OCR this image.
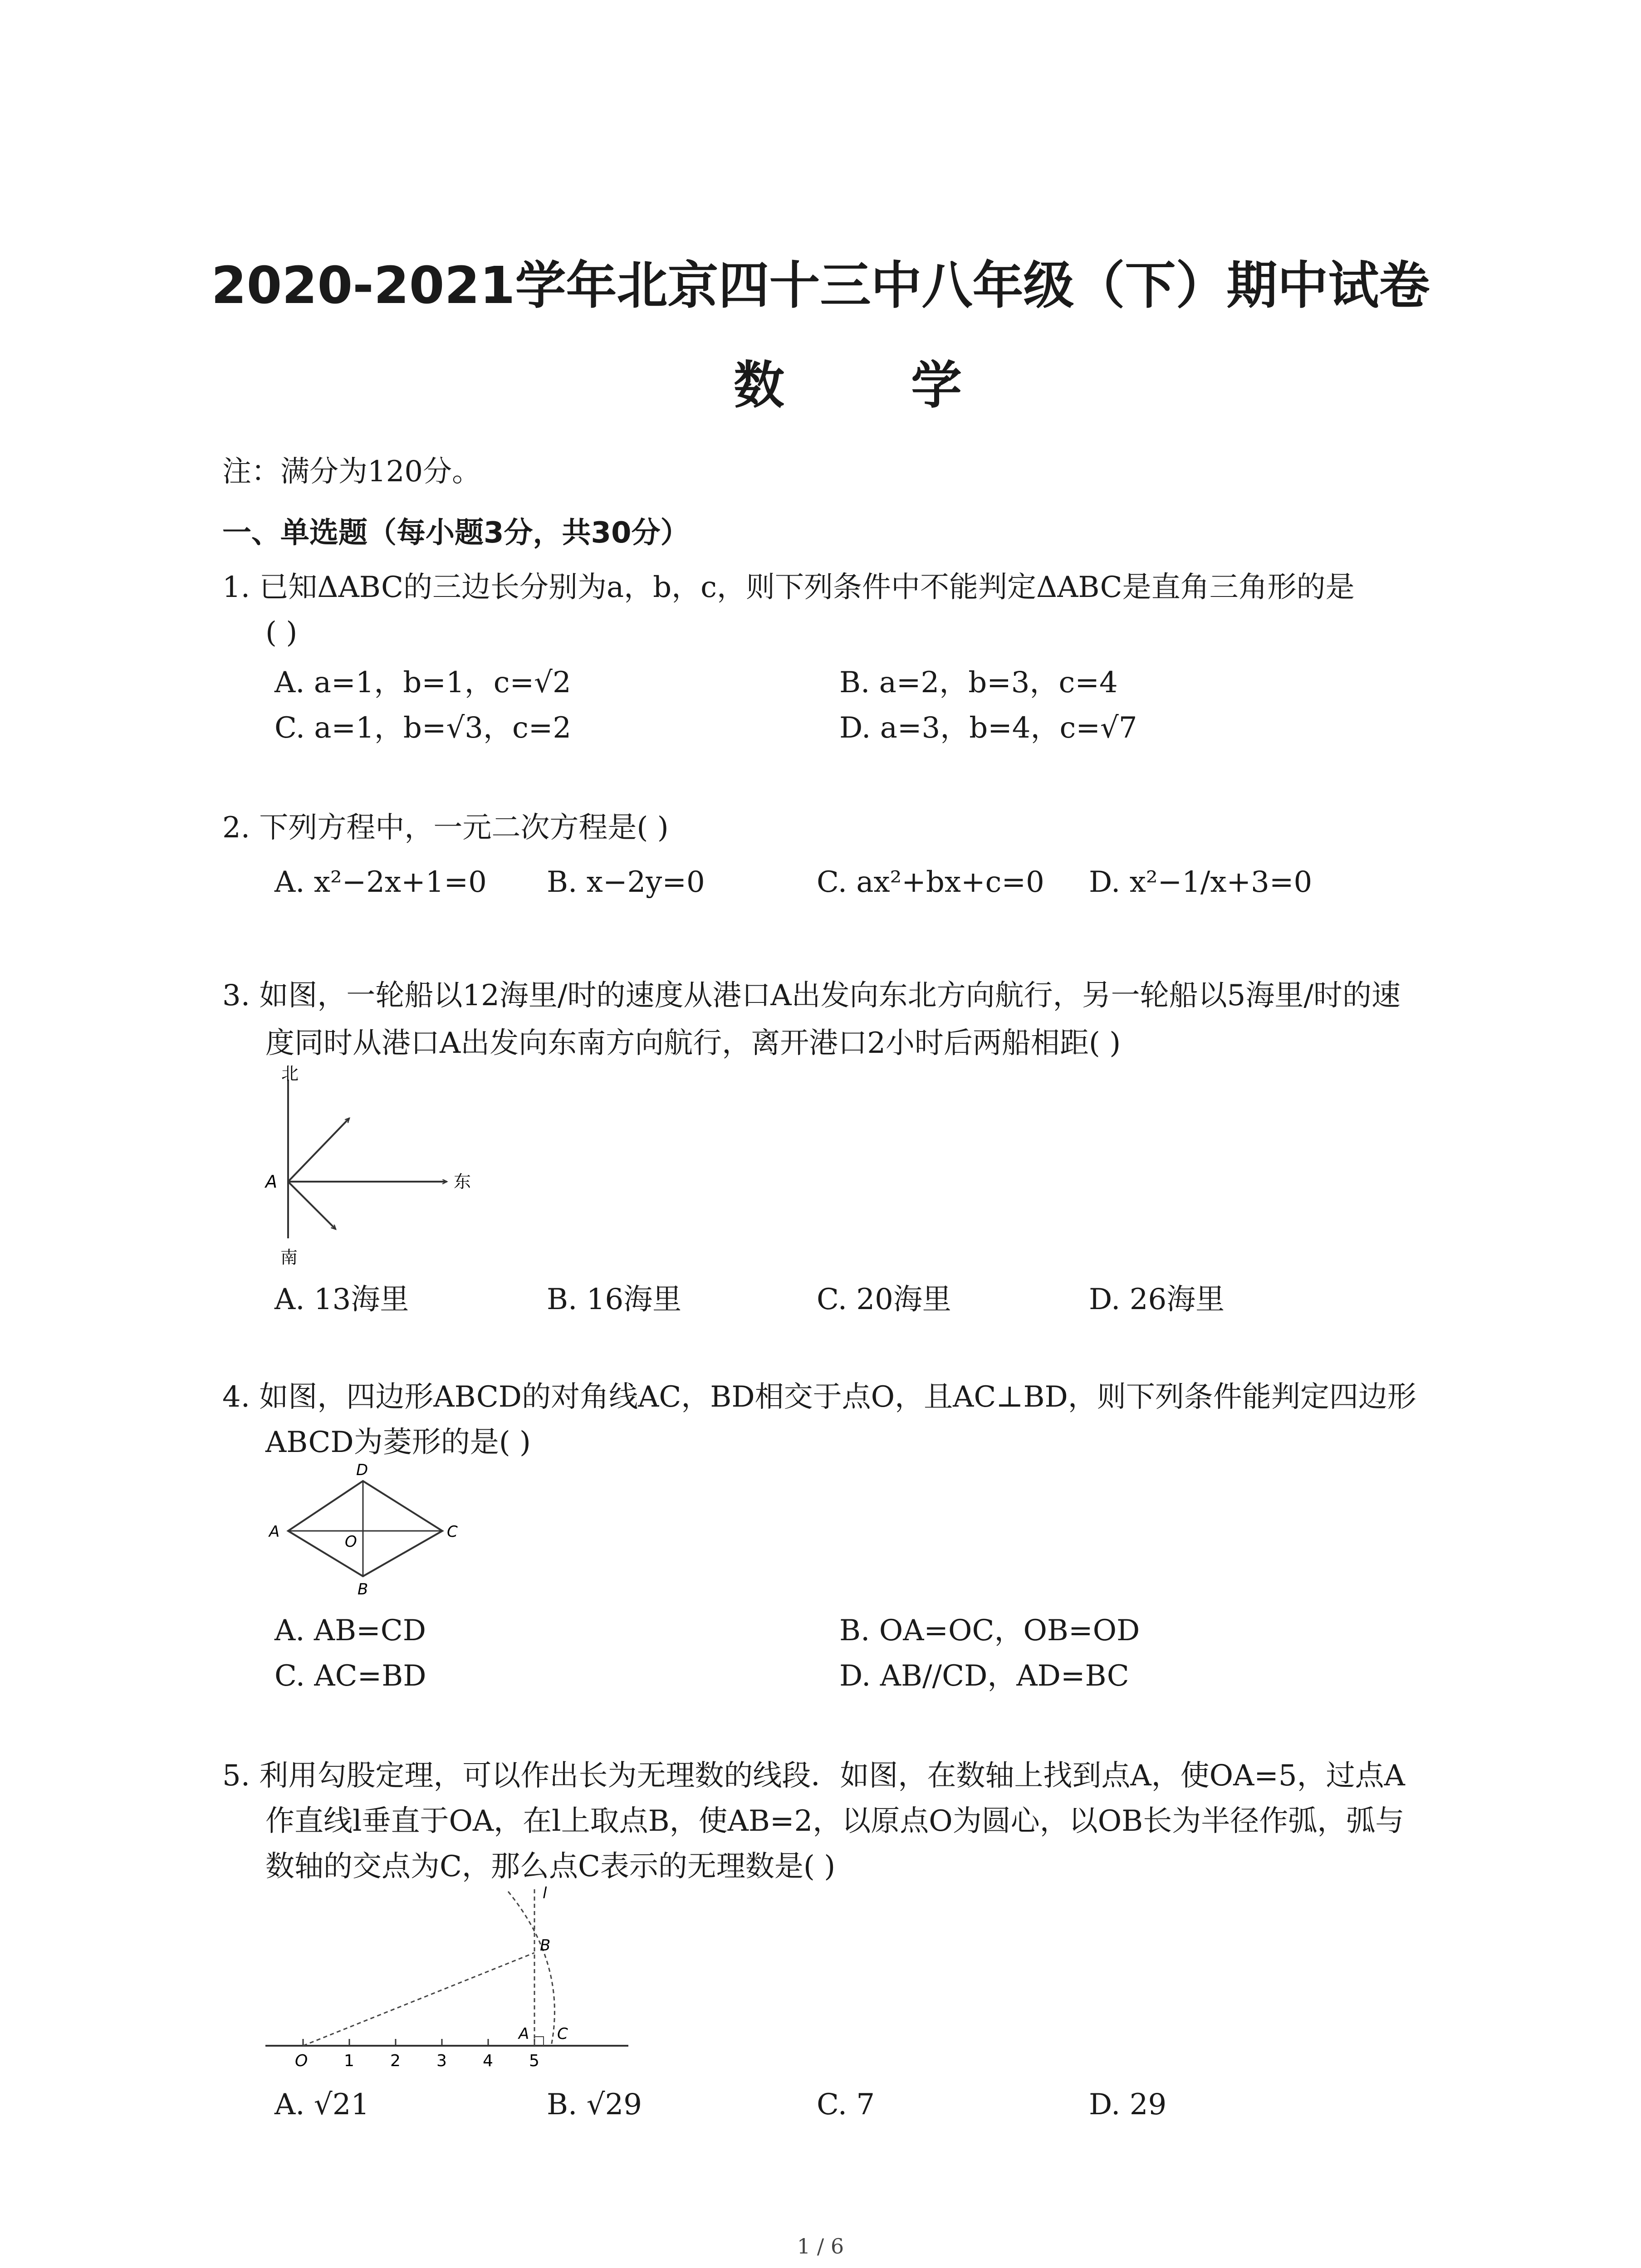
2020-2021学年北京四十三中八年级（下）期中试卷
数 学
注：满分为120分。
一、单选题（每小题3分，共30分）
1. 已知ΔABC的三边长分别为a，b，c，则下列条件中不能判定ΔABC是直角三角形的是
( )
A. a=1，b=1，c=√2	B. a=2，b=3，c=4
C. a=1，b=√3，c=2	D. a=3，b=4，c=√7
2. 下列方程中，一元二次方程是( )
A. x²−2x+1=0 B. x−2y=0	C. ax²+bx+c=0 D. x²−1/x+3=0
3. 如图，一轮船以12海里/时的速度从港口A出发向东北方向航行，另一轮船以5海里/时的速
度同时从港口A出发向东南方向航行，离开港口2小时后两船相距( )
北
南
东
A
A. 13海里	B. 16海里	C. 20海里	D. 26海里
4. 如图，四边形ABCD的对角线AC，BD相交于点O，且AC⊥BD，则下列条件能判定四边形
ABCD为菱形的是( )
A
D
C
B
O
A. AB=CD	B. OA=OC，OB=OD
C. AC=BD	D. AB//CD，AD=BC
5. 利用勾股定理，可以作出长为无理数的线段．如图，在数轴上找到点A，使OA=5，过点A
作直线l垂直于OA，在l上取点B，使AB=2，以原点O为圆心，以OB长为半径作弧，弧与
数轴的交点为C，那么点C表示的无理数是( )
O 1 2 3 4 5
A
B
C
l
A. √21	B. √29	C. 7	D. 29
1 / 6
